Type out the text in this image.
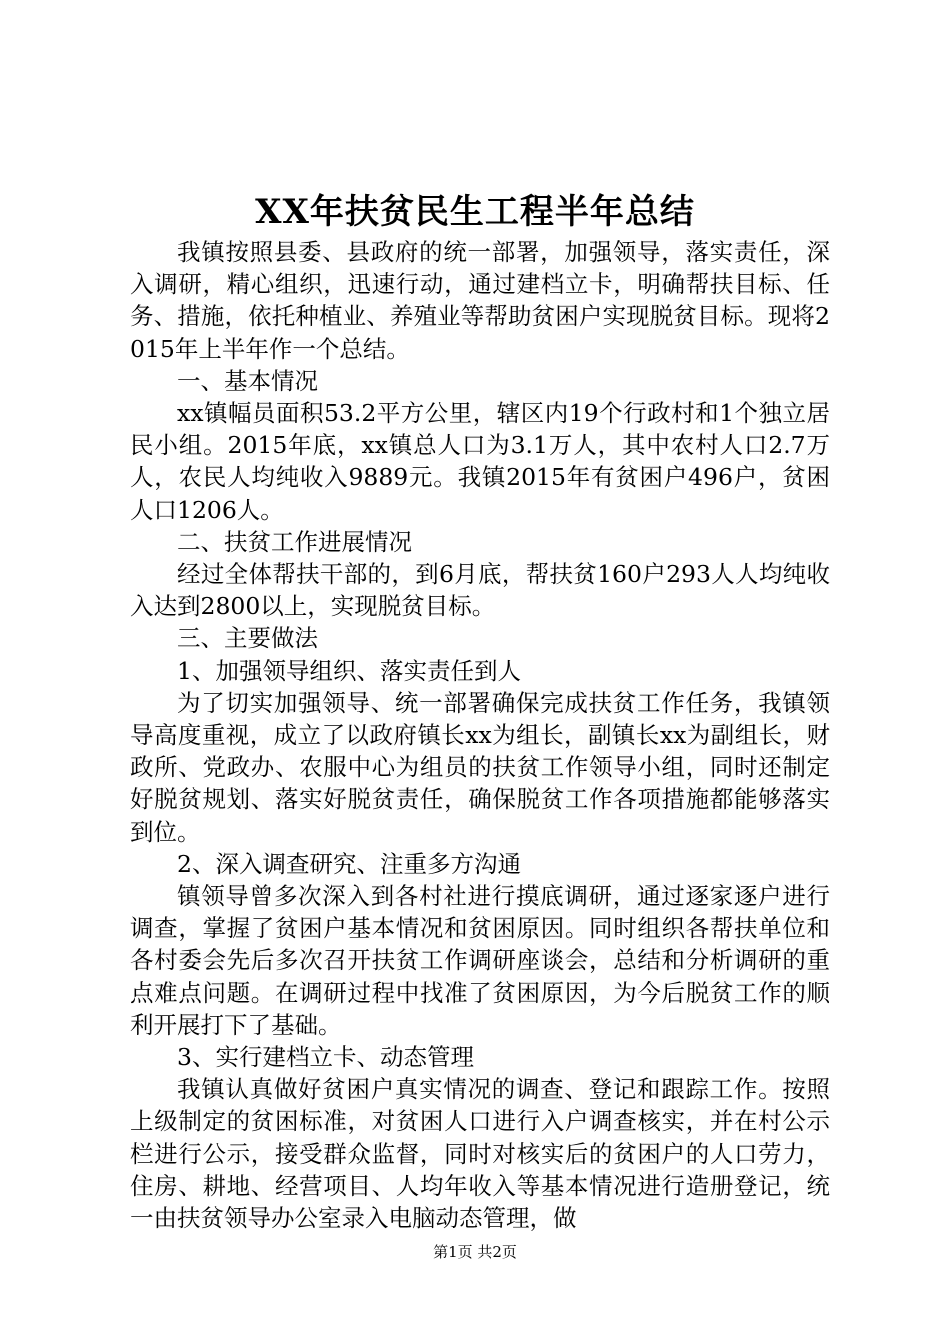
XX年扶贫民生工程半年总结

我镇按照县委、县政府的统一部署，加强领导，落实责任，深入调研，精心组织，迅速行动，通过建档立卡，明确帮扶目标、任务、措施，依托种植业、养殖业等帮助贫困户实现脱贫目标。现将2015年上半年作一个总结。

一、基本情况

xx镇幅员面积53.2平方公里，辖区内19个行政村和1个独立居民小组。2015年底，xx镇总人口为3.1万人，其中农村人口2.7万人，农民人均纯收入9889元。我镇2015年有贫困户496户，贫困人口1206人。

二、扶贫工作进展情况

经过全体帮扶干部的，到6月底，帮扶贫160户293人人均纯收入达到2800以上，实现脱贫目标。

三、主要做法

1、加强领导组织、落实责任到人

为了切实加强领导、统一部署确保完成扶贫工作任务，我镇领导高度重视，成立了以政府镇长xx为组长，副镇长xx为副组长，财政所、党政办、农服中心为组员的扶贫工作领导小组，同时还制定好脱贫规划、落实好脱贫责任，确保脱贫工作各项措施都能够落实到位。

2、深入调查研究、注重多方沟通

镇领导曾多次深入到各村社进行摸底调研，通过逐家逐户进行调查，掌握了贫困户基本情况和贫困原因。同时组织各帮扶单位和各村委会先后多次召开扶贫工作调研座谈会，总结和分析调研的重点难点问题。在调研过程中找准了贫困原因，为今后脱贫工作的顺利开展打下了基础。

3、实行建档立卡、动态管理

我镇认真做好贫困户真实情况的调查、登记和跟踪工作。按照上级制定的贫困标准，对贫困人口进行入户调查核实，并在村公示栏进行公示，接受群众监督，同时对核实后的贫困户的人口劳力，住房、耕地、经营项目、人均年收入等基本情况进行造册登记，统一由扶贫领导办公室录入电脑动态管理，做

第1页 共2页
